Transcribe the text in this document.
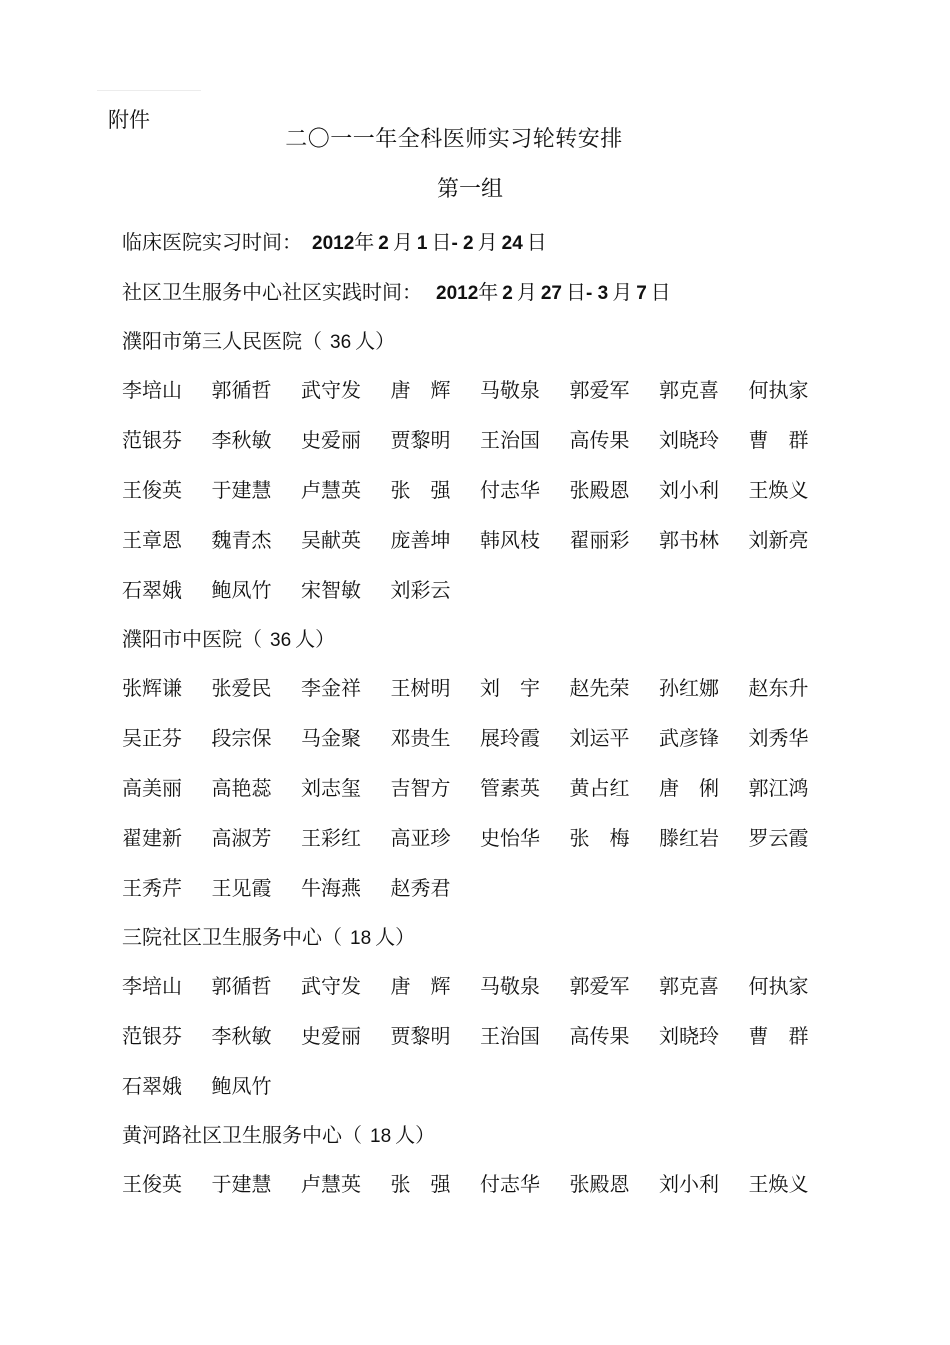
附件
二〇一一年全科医师实习轮转安排
第一组
临床医院实习时间： 2012年  2  月  1  日- 2  月  24  日
社区卫生服务中心社区实践时间： 2012年  2  月  27  日- 3  月  7  日
濮阳市第三人民医院（ 36 人）
李培山	郭循哲	武守发	唐　辉	马敬泉	郭爱军	郭克喜	何执家
范银芬	李秋敏	史爱丽	贾黎明	王治国	高传果	刘晓玲	曹　群
王俊英	于建慧	卢慧英	张　强	付志华	张殿恩	刘小利	王焕义
王章恩	魏青杰	吴献英	庞善坤	韩风枝	翟丽彩	郭书林	刘新亮
石翠娥	鲍凤竹	宋智敏	刘彩云
濮阳市中医院（ 36 人）
张辉谦	张爱民	李金祥	王树明	刘　宇	赵先荣	孙红娜	赵东升
吴正芬	段宗保	马金聚	邓贵生	展玲霞	刘运平	武彦锋	刘秀华
高美丽	高艳蕊	刘志玺	吉智方	管素英	黄占红	唐　俐	郭江鸿
翟建新	高淑芳	王彩红	高亚珍	史怡华	张　梅	滕红岩	罗云霞
王秀芹	王见霞	牛海燕	赵秀君
三院社区卫生服务中心（ 18 人）
李培山	郭循哲	武守发	唐　辉	马敬泉	郭爱军	郭克喜	何执家
范银芬	李秋敏	史爱丽	贾黎明	王治国	高传果	刘晓玲	曹　群
石翠娥	鲍凤竹
黄河路社区卫生服务中心（ 18 人）
王俊英	于建慧	卢慧英	张　强	付志华	张殿恩	刘小利	王焕义
